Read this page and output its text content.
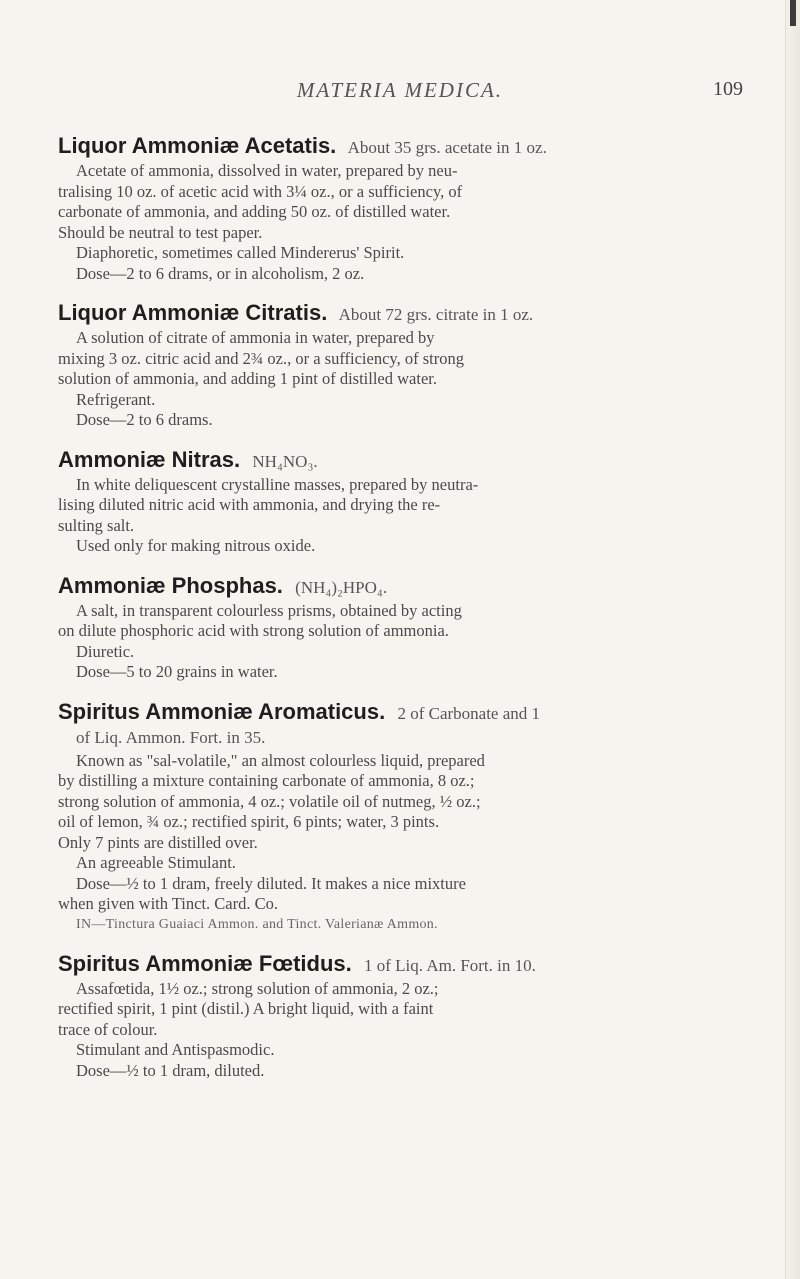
MATERIA MEDICA.	109
Liquor Ammoniæ Acetatis. About 35 grs. acetate in 1 oz.
Acetate of ammonia, dissolved in water, prepared by neu-
tralising 10 oz. of acetic acid with 3¼ oz., or a sufficiency, of
carbonate of ammonia, and adding 50 oz. of distilled water.
Should be neutral to test paper.
Diaphoretic, sometimes called Mindererus' Spirit.
Dose—2 to 6 drams, or in alcoholism, 2 oz.
Liquor Ammoniæ Citratis. About 72 grs. citrate in 1 oz.
A solution of citrate of ammonia in water, prepared by
mixing 3 oz. citric acid and 2¾ oz., or a sufficiency, of strong
solution of ammonia, and adding 1 pint of distilled water.
Refrigerant.
Dose—2 to 6 drams.
Ammoniæ Nitras. NH₄NO₃.
In white deliquescent crystalline masses, prepared by neutra-
lising diluted nitric acid with ammonia, and drying the re-
sulting salt.
Used only for making nitrous oxide.
Ammoniæ Phosphas. (NH₄)₂HPO₄.
A salt, in transparent colourless prisms, obtained by acting
on dilute phosphoric acid with strong solution of ammonia.
Diuretic.
Dose—5 to 20 grains in water.
Spiritus Ammoniæ Aromaticus. 2 of Carbonate and 1
of Liq. Ammon. Fort. in 35.
Known as "sal-volatile," an almost colourless liquid, prepared
by distilling a mixture containing carbonate of ammonia, 8 oz.;
strong solution of ammonia, 4 oz.; volatile oil of nutmeg, ½ oz.;
oil of lemon, ¾ oz.; rectified spirit, 6 pints; water, 3 pints.
Only 7 pints are distilled over.
An agreeable Stimulant.
Dose—½ to 1 dram, freely diluted. It makes a nice mixture
when given with Tinct. Card. Co.
IN—Tinctura Guaiaci Ammon. and Tinct. Valerianæ Ammon.
Spiritus Ammoniæ Fœtidus. 1 of Liq. Am. Fort. in 10.
Assafœtida, 1½ oz.; strong solution of ammonia, 2 oz.;
rectified spirit, 1 pint (distil.) A bright liquid, with a faint
trace of colour.
Stimulant and Antispasmodic.
Dose—½ to 1 dram, diluted.
